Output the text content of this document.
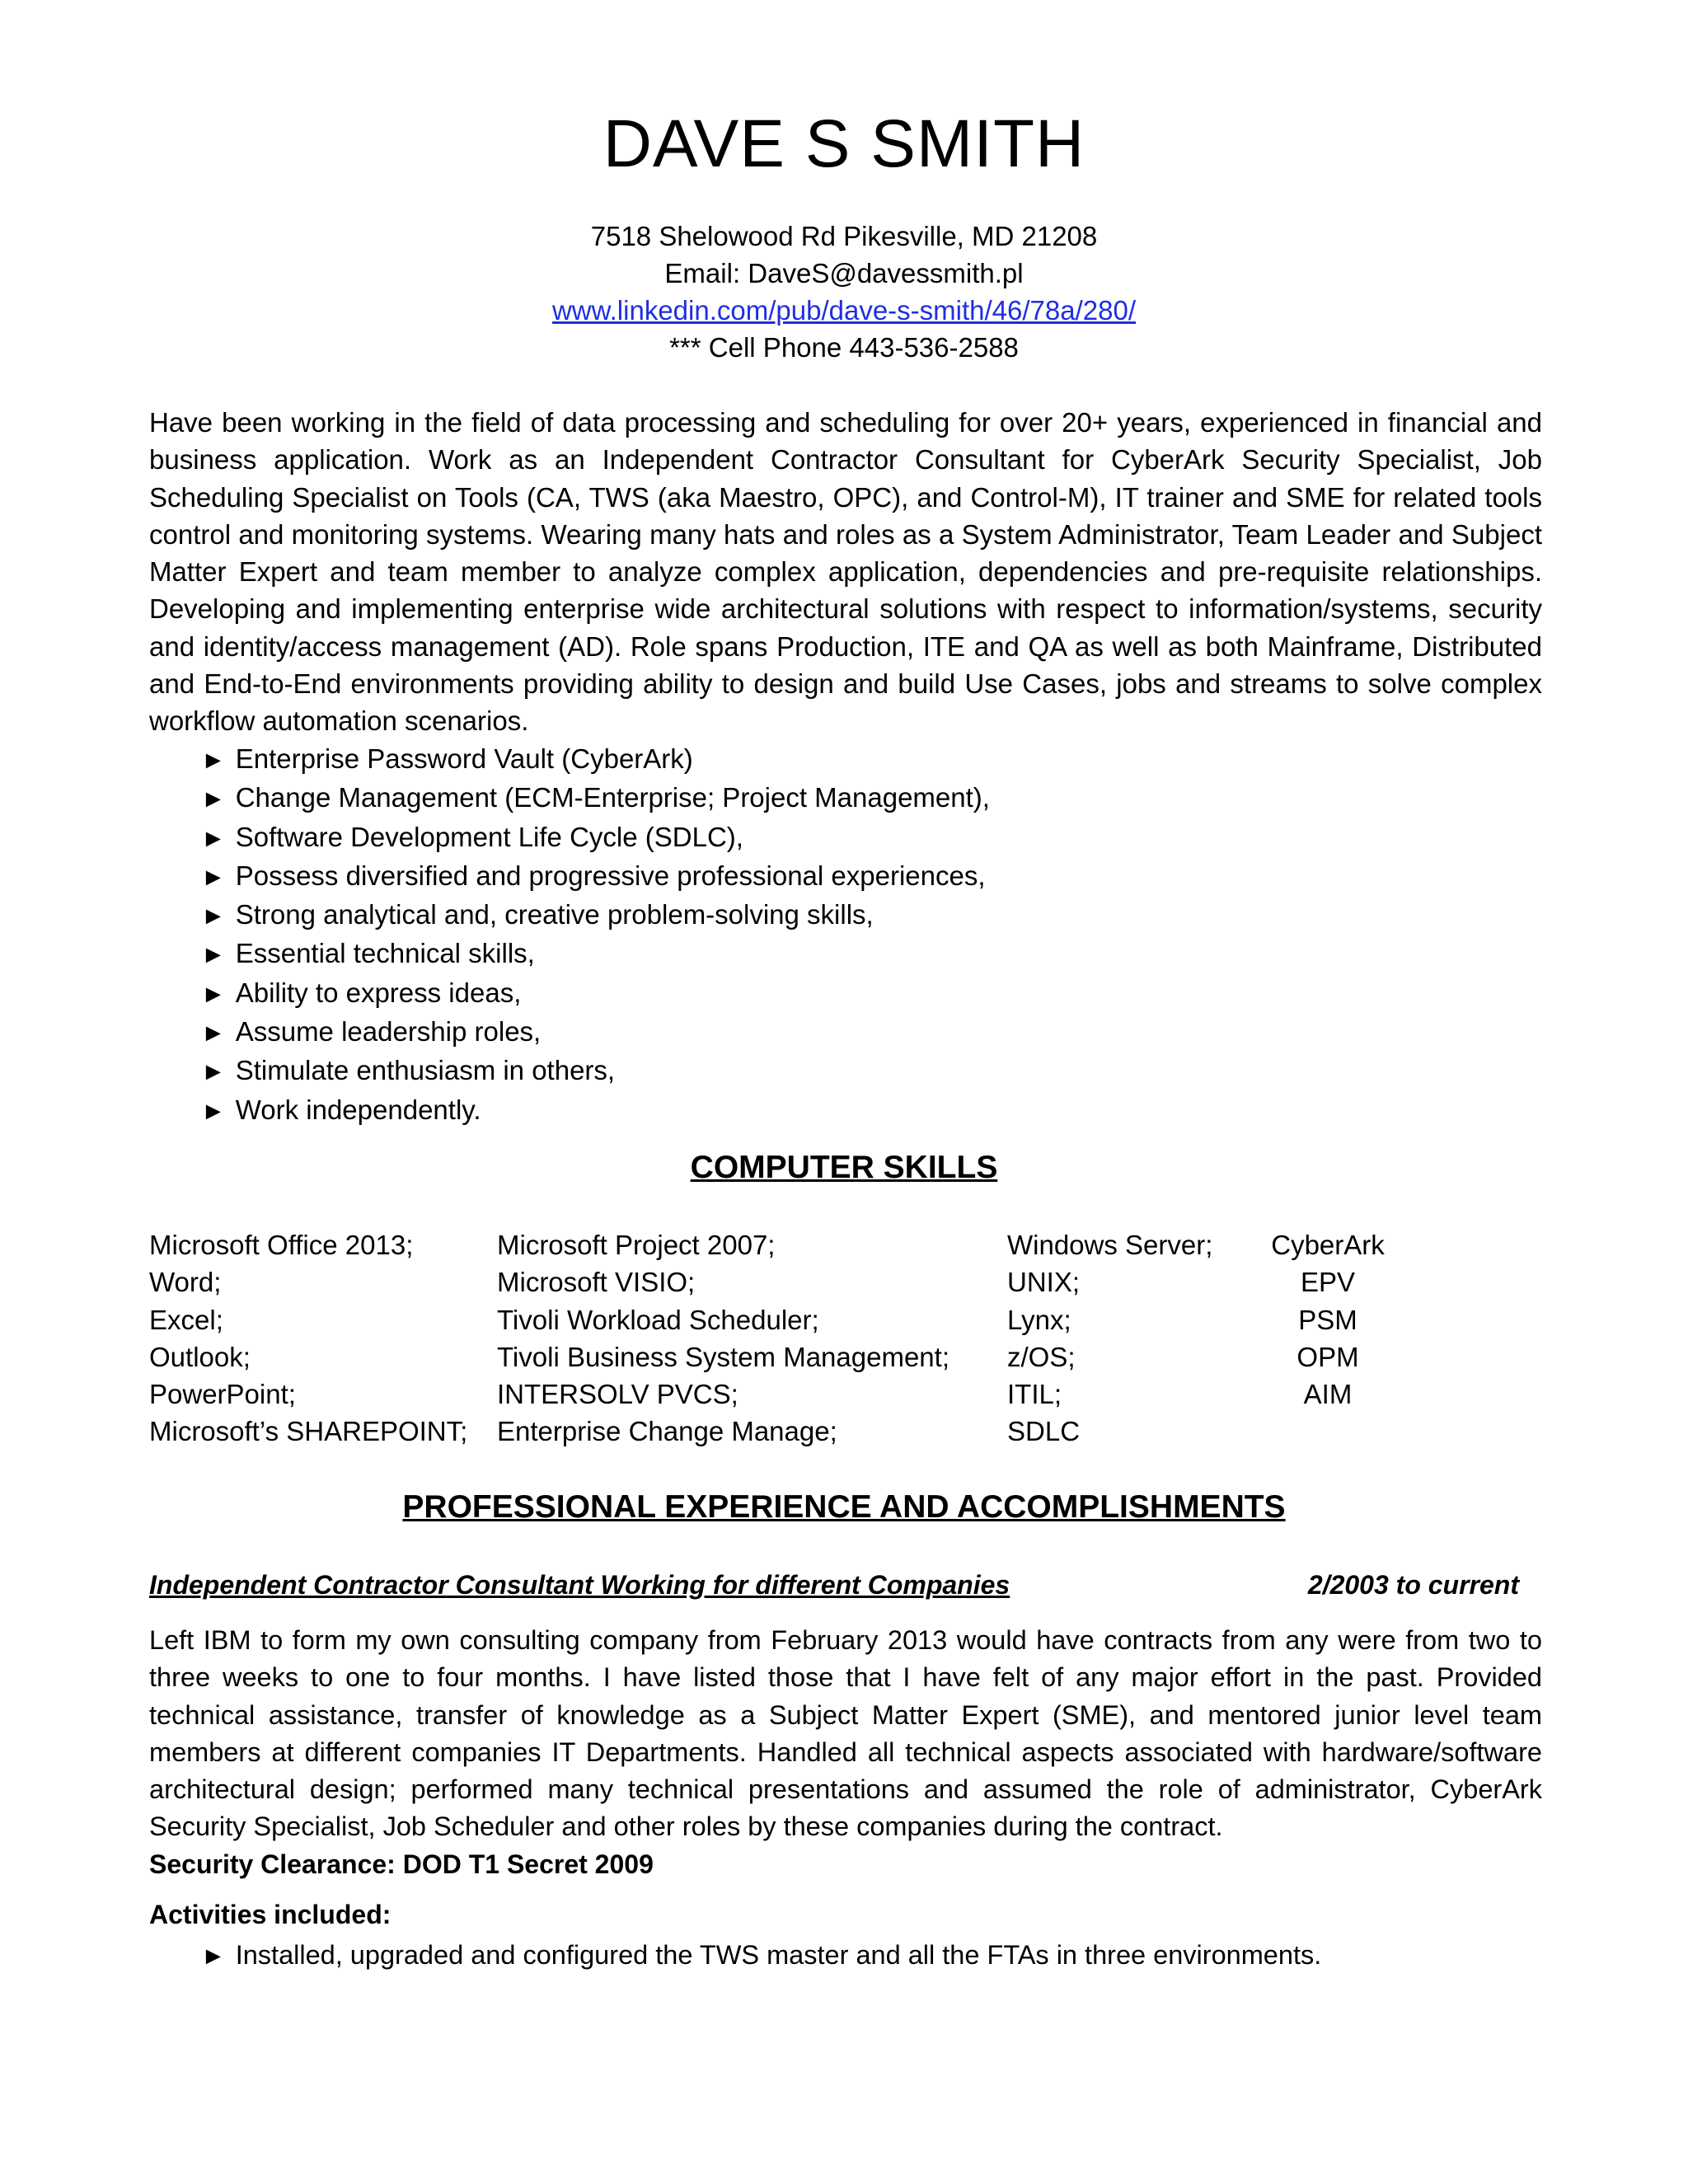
DAVE S SMITH
7518 Shelowood Rd Pikesville, MD 21208
Email: DaveS@davessmith.pl
www.linkedin.com/pub/dave-s-smith/46/78a/280/
*** Cell Phone 443-536-2588
Have been working in the field of data processing and scheduling for over 20+ years, experienced in financial and business application. Work as an Independent Contractor Consultant for CyberArk Security Specialist, Job Scheduling Specialist on Tools (CA, TWS (aka Maestro, OPC), and Control-M), IT trainer and SME for related tools control and monitoring systems. Wearing many hats and roles as a System Administrator, Team Leader and Subject Matter Expert and team member to analyze complex application, dependencies and pre-requisite relationships. Developing and implementing enterprise wide architectural solutions with respect to information/systems, security and identity/access management (AD). Role spans Production, ITE and QA as well as both Mainframe, Distributed and End-to-End environments providing ability to design and build Use Cases, jobs and streams to solve complex workflow automation scenarios.
► Enterprise Password Vault (CyberArk)
► Change Management (ECM-Enterprise; Project Management),
► Software Development Life Cycle (SDLC),
► Possess diversified and progressive professional experiences,
► Strong analytical and, creative problem-solving skills,
► Essential technical skills,
► Ability to express ideas,
► Assume leadership roles,
► Stimulate enthusiasm in others,
► Work independently.
COMPUTER SKILLS
Microsoft Office 2013;
Word;
Excel;
Outlook;
PowerPoint;
Microsoft’s SHAREPOINT;
Microsoft Project 2007;
Microsoft VISIO;
Tivoli Workload Scheduler;
Tivoli Business System Management;
INTERSOLV PVCS;
Enterprise Change Manage;
Windows Server;
UNIX;
Lynx;
z/OS;
ITIL;
SDLC
CyberArk
EPV
PSM
OPM
AIM
PROFESSIONAL EXPERIENCE AND ACCOMPLISHMENTS
Independent Contractor Consultant Working for different Companies	2/2003 to current
Left IBM to form my own consulting company from February 2013 would have contracts from any were from two to three weeks to one to four months. I have listed those that I have felt of any major effort in the past. Provided technical assistance, transfer of knowledge as a Subject Matter Expert (SME), and mentored junior level team members at different companies IT Departments. Handled all technical aspects associated with hardware/software architectural design; performed many technical presentations and assumed the role of administrator, CyberArk Security Specialist, Job Scheduler and other roles by these companies during the contract.
Security Clearance: DOD T1 Secret 2009
Activities included:
► Installed, upgraded and configured the TWS master and all the FTAs in three environments.
